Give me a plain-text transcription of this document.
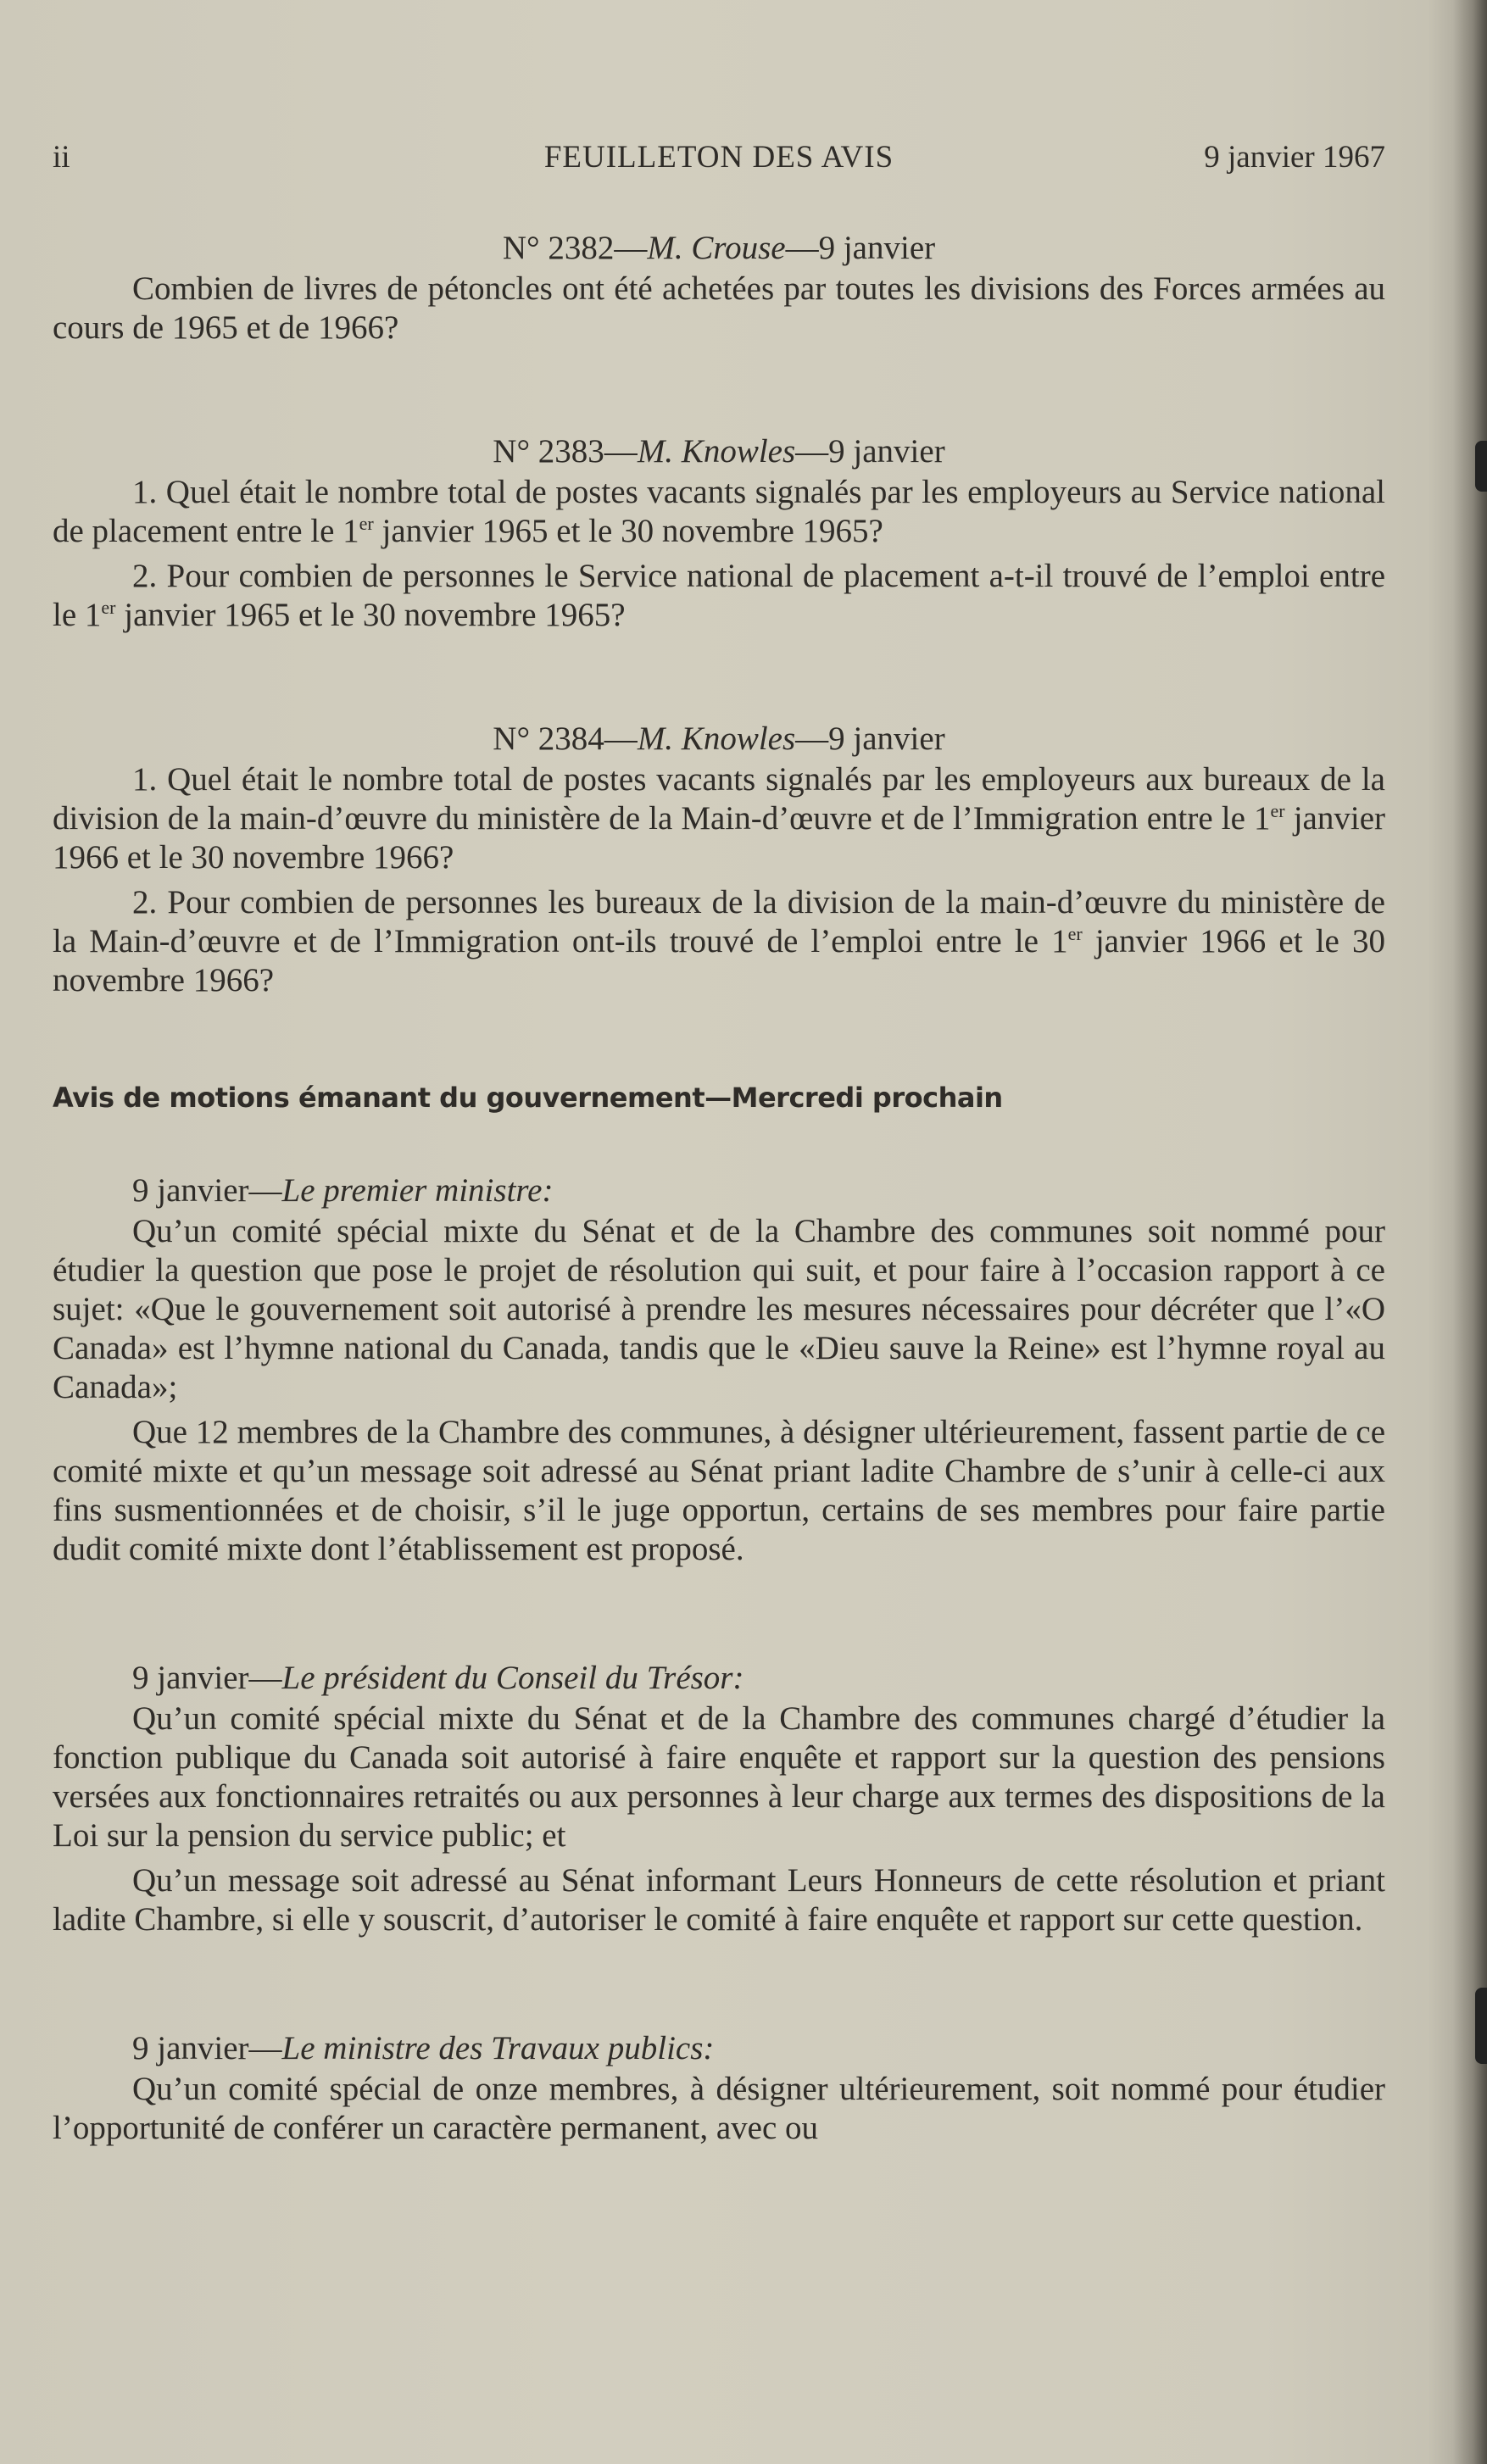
ii	FEUILLETON DES AVIS	9 janvier 1967
N° 2382—M. Crouse—9 janvier

Combien de livres de pétoncles ont été achetées par toutes les divisions des Forces armées au cours de 1965 et de 1966?

N° 2383—M. Knowles—9 janvier

1. Quel était le nombre total de postes vacants signalés par les employeurs au Service national de placement entre le 1er janvier 1965 et le 30 novembre 1965?

2. Pour combien de personnes le Service national de placement a-t-il trouvé de l’emploi entre le 1er janvier 1965 et le 30 novembre 1965?

N° 2384—M. Knowles—9 janvier

1. Quel était le nombre total de postes vacants signalés par les employeurs aux bureaux de la division de la main-d’œuvre du ministère de la Main-d’œuvre et de l’Immigration entre le 1er janvier 1966 et le 30 novembre 1966?

2. Pour combien de personnes les bureaux de la division de la main-d’œuvre du ministère de la Main-d’œuvre et de l’Immigration ont-ils trouvé de l’emploi entre le 1er janvier 1966 et le 30 novembre 1966?

Avis de motions émanant du gouvernement—Mercredi prochain
9 janvier—Le premier ministre:

Qu’un comité spécial mixte du Sénat et de la Chambre des communes soit nommé pour étudier la question que pose le projet de résolution qui suit, et pour faire à l’occasion rapport à ce sujet: «Que le gouvernement soit autorisé à prendre les mesures nécessaires pour décréter que l’«O Canada» est l’hymne national du Canada, tandis que le «Dieu sauve la Reine» est l’hymne royal au Canada»;

Que 12 membres de la Chambre des communes, à désigner ultérieurement, fassent partie de ce comité mixte et qu’un message soit adressé au Sénat priant ladite Chambre de s’unir à celle-ci aux fins susmentionnées et de choisir, s’il le juge opportun, certains de ses membres pour faire partie dudit comité mixte dont l’établissement est proposé.

9 janvier—Le président du Conseil du Trésor:

Qu’un comité spécial mixte du Sénat et de la Chambre des communes chargé d’étudier la fonction publique du Canada soit autorisé à faire enquête et rapport sur la question des pensions versées aux fonctionnaires retraités ou aux personnes à leur charge aux termes des dispositions de la Loi sur la pension du service public; et

Qu’un message soit adressé au Sénat informant Leurs Honneurs de cette résolution et priant ladite Chambre, si elle y souscrit, d’autoriser le comité à faire enquête et rapport sur cette question.

9 janvier—Le ministre des Travaux publics:

Qu’un comité spécial de onze membres, à désigner ultérieurement, soit nommé pour étudier l’opportunité de conférer un caractère permanent, avec ou
